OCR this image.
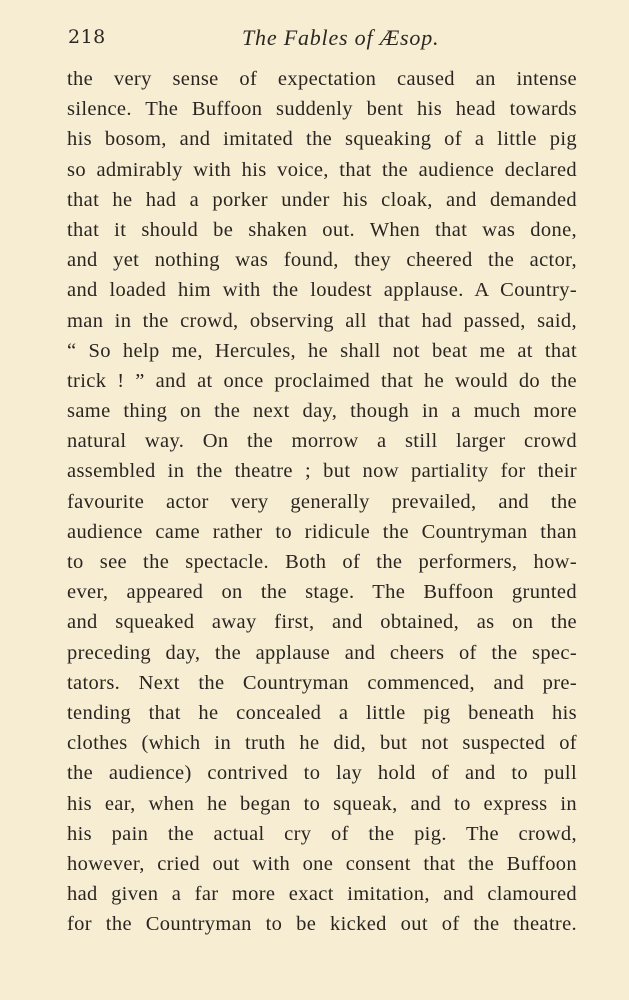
218	The Fables of Æsop.
the very sense of expectation caused an intense
silence. The Buffoon suddenly bent his head towards
his bosom, and imitated the squeaking of a little pig
so admirably with his voice, that the audience declared
that he had a porker under his cloak, and demanded
that it should be shaken out. When that was done,
and yet nothing was found, they cheered the actor,
and loaded him with the loudest applause. A Country-
man in the crowd, observing all that had passed, said,
“ So help me, Hercules, he shall not beat me at that
trick ! ” and at once proclaimed that he would do the
same thing on the next day, though in a much more
natural way. On the morrow a still larger crowd
assembled in the theatre ; but now partiality for their
favourite actor very generally prevailed, and the
audience came rather to ridicule the Countryman than
to see the spectacle. Both of the performers, how-
ever, appeared on the stage. The Buffoon grunted
and squeaked away first, and obtained, as on the
preceding day, the applause and cheers of the spec-
tators. Next the Countryman commenced, and pre-
tending that he concealed a little pig beneath his
clothes (which in truth he did, but not suspected of
the audience) contrived to lay hold of and to pull
his ear, when he began to squeak, and to express in
his pain the actual cry of the pig. The crowd,
however, cried out with one consent that the Buffoon
had given a far more exact imitation, and clamoured
for the Countryman to be kicked out of the theatre.
